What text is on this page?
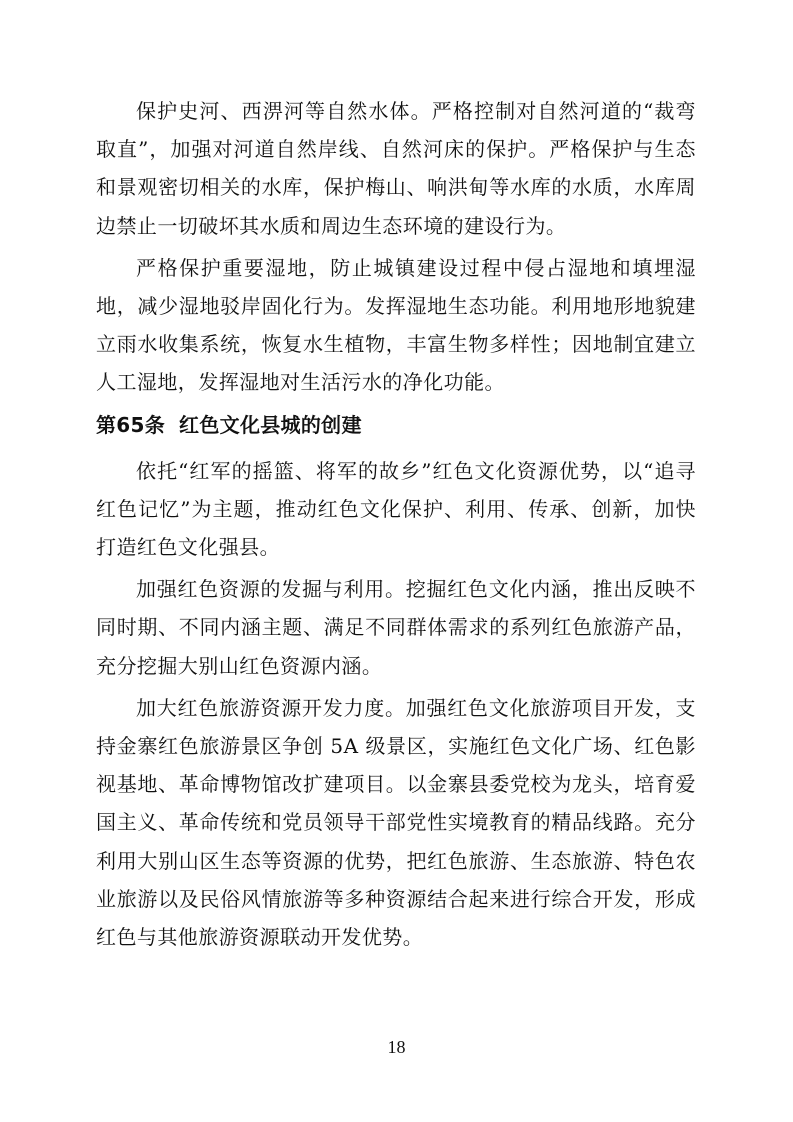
保护史河、西淠河等自然水体。严格控制对自然河道的“裁弯取直”，加强对河道自然岸线、自然河床的保护。严格保护与生态和景观密切相关的水库，保护梅山、响洪甸等水库的水质，水库周边禁止一切破坏其水质和周边生态环境的建设行为。

严格保护重要湿地，防止城镇建设过程中侵占湿地和填埋湿地，减少湿地驳岸固化行为。发挥湿地生态功能。利用地形地貌建立雨水收集系统，恢复水生植物，丰富生物多样性；因地制宜建立人工湿地，发挥湿地对生活污水的净化功能。

第65条 红色文化县城的创建

依托“红军的摇篮、将军的故乡”红色文化资源优势，以“追寻红色记忆”为主题，推动红色文化保护、利用、传承、创新，加快打造红色文化强县。

加强红色资源的发掘与利用。挖掘红色文化内涵，推出反映不同时期、不同内涵主题、满足不同群体需求的系列红色旅游产品，充分挖掘大别山红色资源内涵。

加大红色旅游资源开发力度。加强红色文化旅游项目开发，支持金寨红色旅游景区争创 5A 级景区，实施红色文化广场、红色影视基地、革命博物馆改扩建项目。以金寨县委党校为龙头，培育爱国主义、革命传统和党员领导干部党性实境教育的精品线路。充分利用大别山区生态等资源的优势，把红色旅游、生态旅游、特色农业旅游以及民俗风情旅游等多种资源结合起来进行综合开发，形成红色与其他旅游资源联动开发优势。

18
